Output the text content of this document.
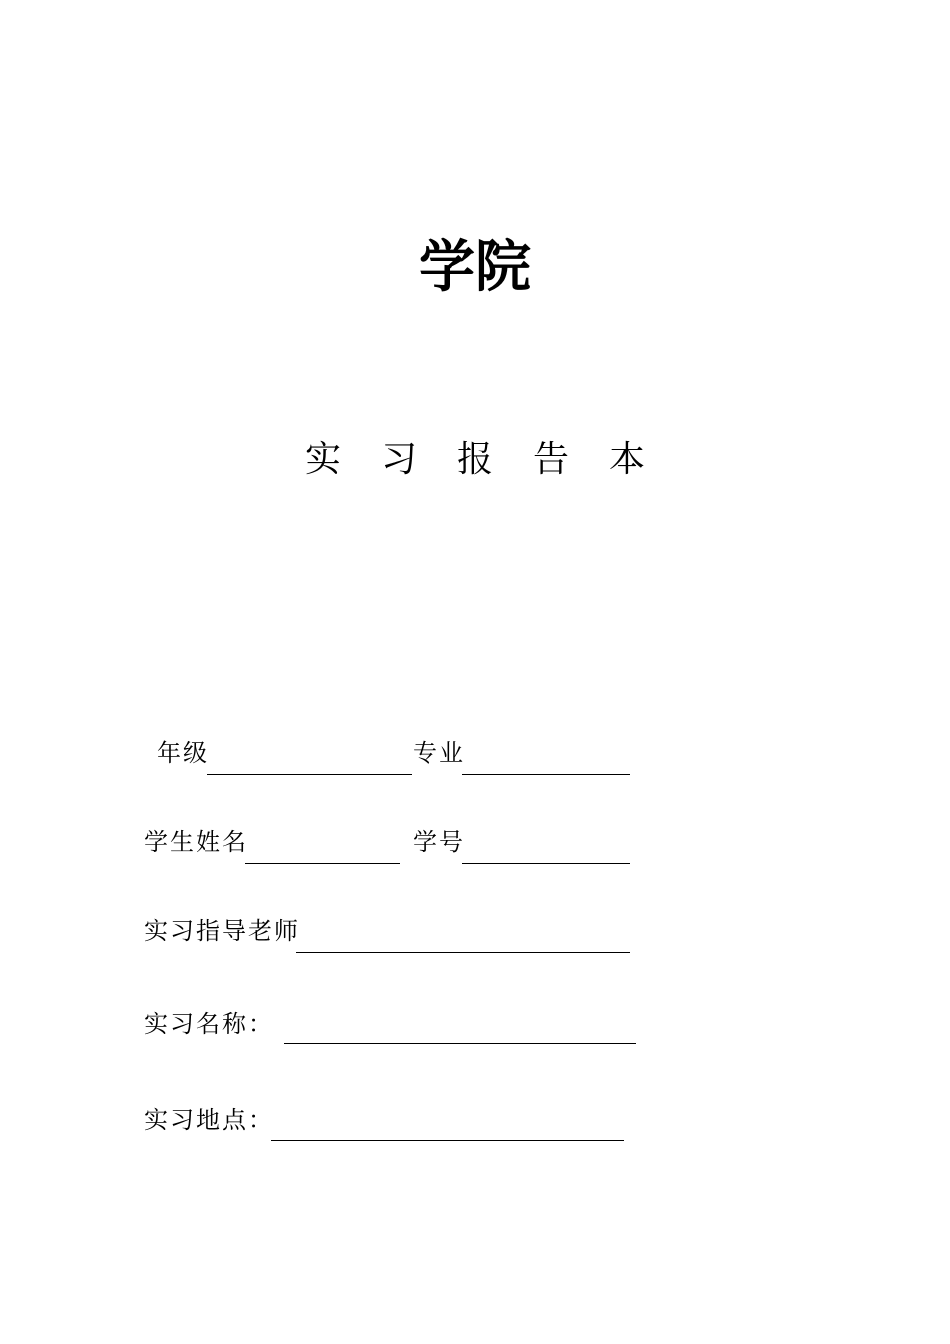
学院
实习报告本
年级	专业
学生姓名	学号
实习指导老师
实习名称：
实习地点：
